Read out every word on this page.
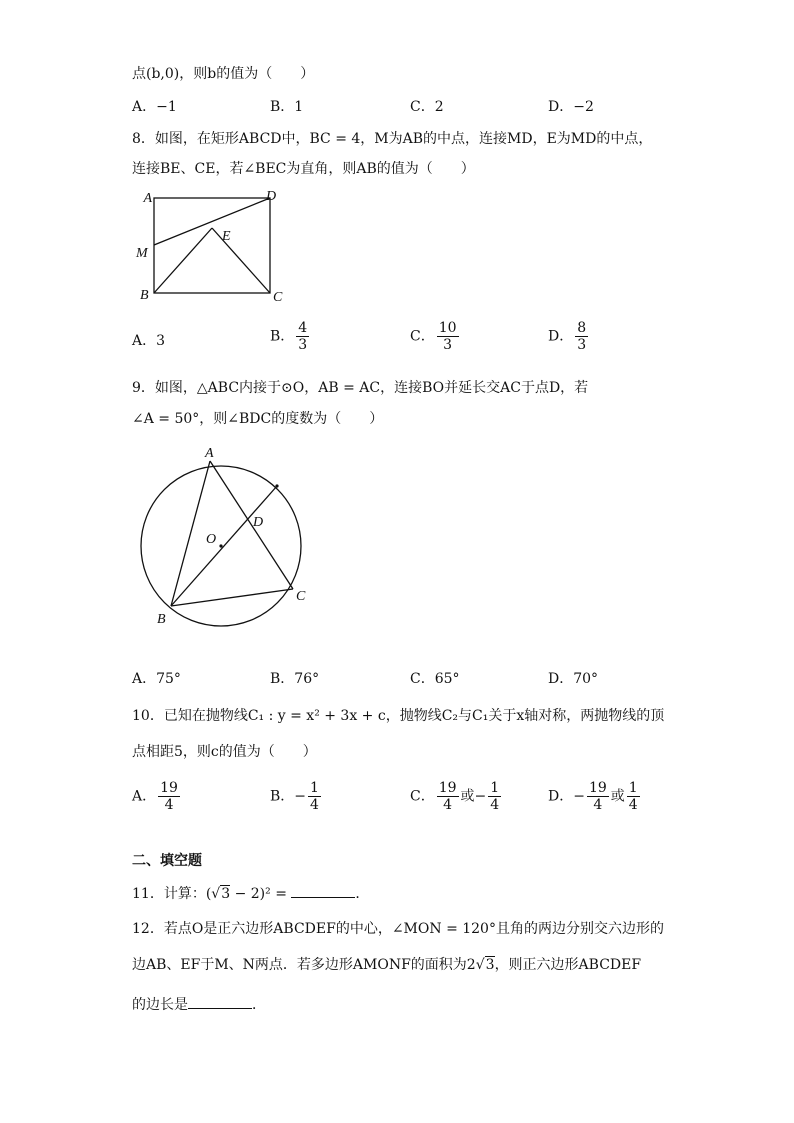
点(b,0)，则b的值为（　　）
A．−1	B．1	C．2	D．−2
8．如图，在矩形ABCD中，BC = 4，M为AB的中点，连接MD，E为MD的中点，
连接BE、CE，若∠BEC为直角，则AB的值为（　　）
A	D
M
E
B	C
A．3	B． $\frac{4}{3}$	C． $\frac{10}{3}$	D． $\frac{8}{3}$
9．如图，△ABC内接于⊙O，AB = AC，连接BO并延长交AC于点D，若
∠A = 50°，则∠BDC的度数为（　　）
A
O
D
B
C
A．75°	B．76°	C．65°	D．70°
10．已知在抛物线C₁ : y = x² + 3x + c，抛物线C₂与C₁关于x轴对称，两抛物线的顶
点相距5，则c的值为（　　）
A． $\frac{19}{4}$	B．− $\frac{1}{4}$	C． $\frac{19}{4}$ 或− $\frac{1}{4}$	D．− $\frac{19}{4}$ 或 $\frac{1}{4}$
二、填空题
11．计算：(√3 − 2)² =	．
12．若点O是正六边形ABCDEF的中心，∠MON = 120°且角的两边分别交六边形的
边AB、EF于M、N两点．若多边形AMONF的面积为2√3，则正六边形ABCDEF
的边长是	．
